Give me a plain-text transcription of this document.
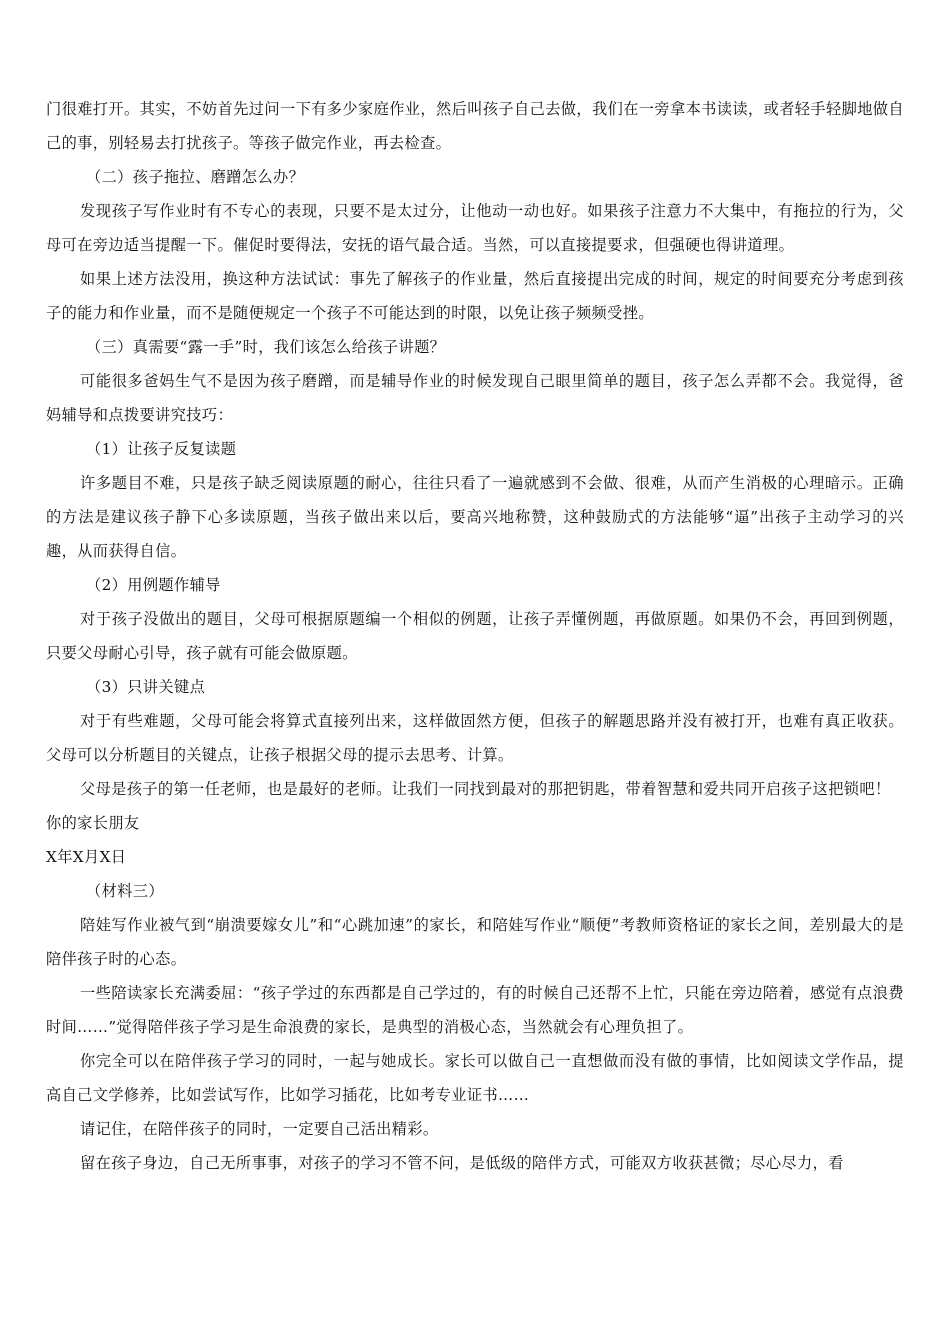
门很难打开。其实，不妨首先过问一下有多少家庭作业，然后叫孩子自己去做，我们在一旁拿本书读读，或者轻手轻脚地做自己的事，别轻易去打扰孩子。等孩子做完作业，再去检查。

（二）孩子拖拉、磨蹭怎么办？

发现孩子写作业时有不专心的表现，只要不是太过分，让他动一动也好。如果孩子注意力不大集中，有拖拉的行为，父母可在旁边适当提醒一下。催促时要得法，安抚的语气最合适。当然，可以直接提要求，但强硬也得讲道理。

如果上述方法没用，换这种方法试试：事先了解孩子的作业量，然后直接提出完成的时间，规定的时间要充分考虑到孩子的能力和作业量，而不是随便规定一个孩子不可能达到的时限，以免让孩子频频受挫。

（三）真需要“露一手”时，我们该怎么给孩子讲题？

可能很多爸妈生气不是因为孩子磨蹭，而是辅导作业的时候发现自己眼里简单的题目，孩子怎么弄都不会。我觉得，爸妈辅导和点拨要讲究技巧：

（1）让孩子反复读题

许多题目不难，只是孩子缺乏阅读原题的耐心，往往只看了一遍就感到不会做、很难，从而产生消极的心理暗示。正确的方法是建议孩子静下心多读原题，当孩子做出来以后，要高兴地称赞，这种鼓励式的方法能够“逼”出孩子主动学习的兴趣，从而获得自信。

（2）用例题作辅导

对于孩子没做出的题目，父母可根据原题编一个相似的例题，让孩子弄懂例题，再做原题。如果仍不会，再回到例题，只要父母耐心引导，孩子就有可能会做原题。

（3）只讲关键点

对于有些难题，父母可能会将算式直接列出来，这样做固然方便，但孩子的解题思路并没有被打开，也难有真正收获。父母可以分析题目的关键点，让孩子根据父母的提示去思考、计算。

父母是孩子的第一任老师，也是最好的老师。让我们一同找到最对的那把钥匙，带着智慧和爱共同开启孩子这把锁吧！

你的家长朋友

X年X月X日

（材料三）

陪娃写作业被气到“崩溃要嫁女儿”和“心跳加速”的家长，和陪娃写作业“顺便”考教师资格证的家长之间，差别最大的是陪伴孩子时的心态。

一些陪读家长充满委屈：“孩子学过的东西都是自己学过的，有的时候自己还帮不上忙，只能在旁边陪着，感觉有点浪费时间……”觉得陪伴孩子学习是生命浪费的家长，是典型的消极心态，当然就会有心理负担了。

你完全可以在陪伴孩子学习的同时，一起与她成长。家长可以做自己一直想做而没有做的事情，比如阅读文学作品，提高自己文学修养，比如尝试写作，比如学习插花，比如考专业证书……

请记住，在陪伴孩子的同时，一定要自己活出精彩。

留在孩子身边，自己无所事事，对孩子的学习不管不问，是低级的陪伴方式，可能双方收获甚微；尽心尽力，看
